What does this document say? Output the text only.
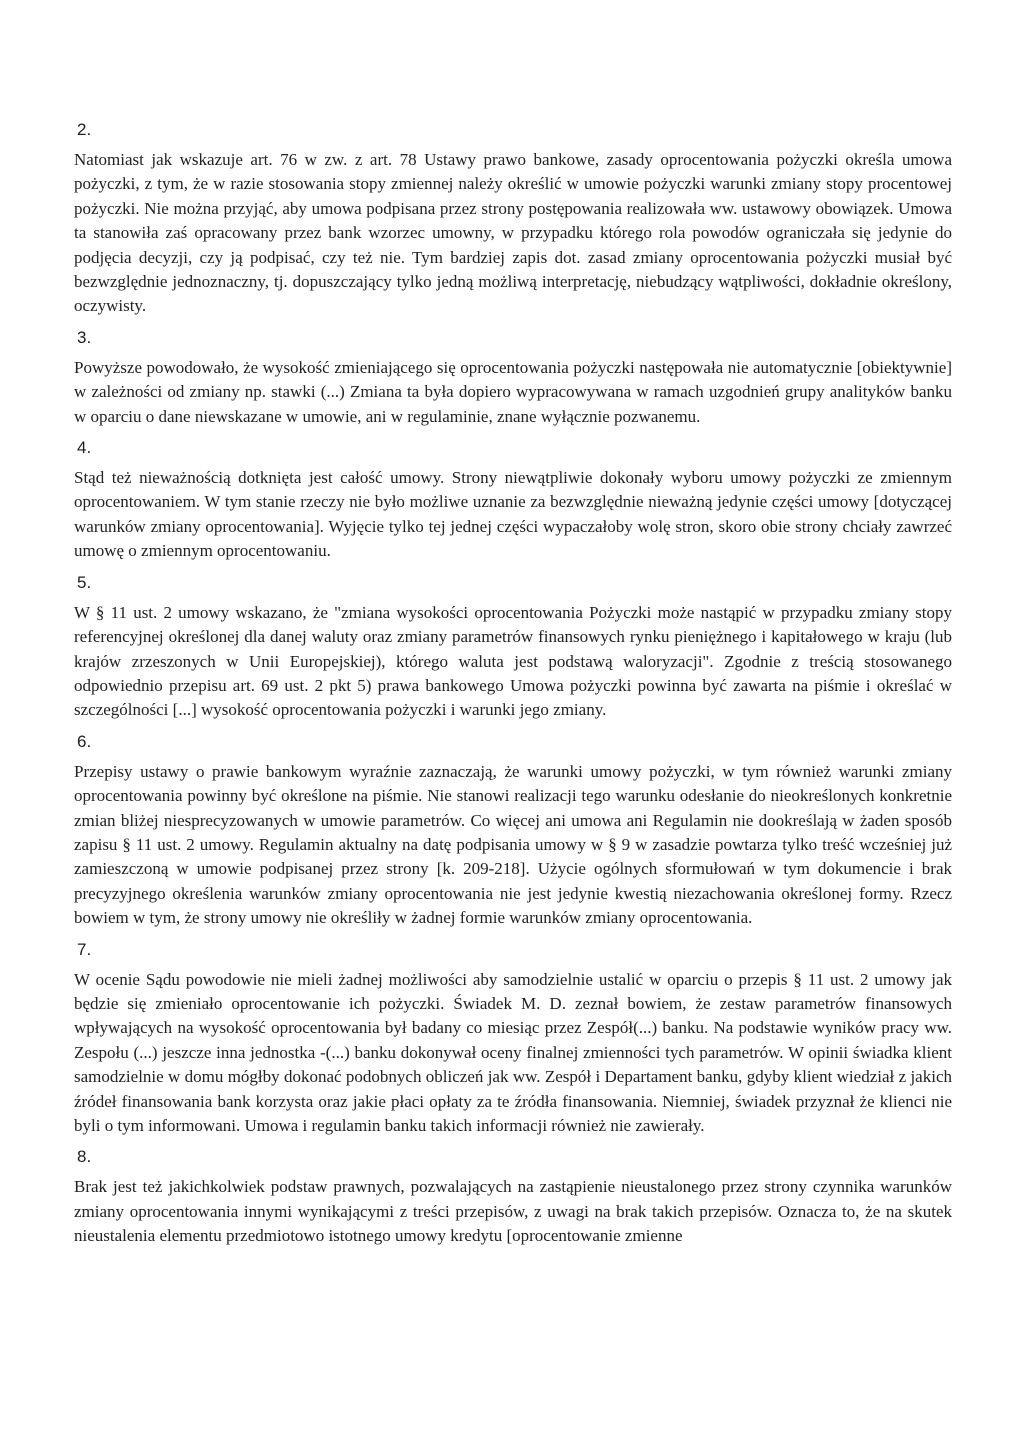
2.

Natomiast jak wskazuje art. 76 w zw. z art. 78 Ustawy prawo bankowe, zasady oprocentowania pożyczki określa umowa pożyczki, z tym, że w razie stosowania stopy zmiennej należy określić w umowie pożyczki warunki zmiany stopy procentowej pożyczki. Nie można przyjąć, aby umowa podpisana przez strony postępowania realizowała ww. ustawowy obowiązek. Umowa ta stanowiła zaś opracowany przez bank wzorzec umowny, w przypadku którego rola powodów ograniczała się jedynie do podjęcia decyzji, czy ją podpisać, czy też nie. Tym bardziej zapis dot. zasad zmiany oprocentowania pożyczki musiał być bezwzględnie jednoznaczny, tj. dopuszczający tylko jedną możliwą interpretację, niebudzący wątpliwości, dokładnie określony, oczywisty.

3.

Powyższe powodowało, że wysokość zmieniającego się oprocentowania pożyczki następowała nie automatycznie [obiektywnie] w zależności od zmiany np. stawki (...) Zmiana ta była dopiero wypracowywana w ramach uzgodnień grupy analityków banku w oparciu o dane niewskazane w umowie, ani w regulaminie, znane wyłącznie pozwanemu.

4.

Stąd też nieważnością dotknięta jest całość umowy. Strony niewątpliwie dokonały wyboru umowy pożyczki ze zmiennym oprocentowaniem. W tym stanie rzeczy nie było możliwe uznanie za bezwzględnie nieważną jedynie części umowy [dotyczącej warunków zmiany oprocentowania]. Wyjęcie tylko tej jednej części wypaczałoby wolę stron, skoro obie strony chciały zawrzeć umowę o zmiennym oprocentowaniu.

5.

W § 11 ust. 2 umowy wskazano, że "zmiana wysokości oprocentowania Pożyczki może nastąpić w przypadku zmiany stopy referencyjnej określonej dla danej waluty oraz zmiany parametrów finansowych rynku pieniężnego i kapitałowego w kraju (lub krajów zrzeszonych w Unii Europejskiej), którego waluta jest podstawą waloryzacji". Zgodnie z treścią stosowanego odpowiednio przepisu art. 69 ust. 2 pkt 5) prawa bankowego Umowa pożyczki powinna być zawarta na piśmie i określać w szczególności [...] wysokość oprocentowania pożyczki i warunki jego zmiany.

6.

Przepisy ustawy o prawie bankowym wyraźnie zaznaczają, że warunki umowy pożyczki, w tym również warunki zmiany oprocentowania powinny być określone na piśmie. Nie stanowi realizacji tego warunku odesłanie do nieokreślonych konkretnie zmian bliżej niesprecyzowanych w umowie parametrów. Co więcej ani umowa ani Regulamin nie dookreślają w żaden sposób zapisu § 11 ust. 2 umowy. Regulamin aktualny na datę podpisania umowy w § 9 w zasadzie powtarza tylko treść wcześniej już zamieszczoną w umowie podpisanej przez strony [k. 209-218]. Użycie ogólnych sformułowań w tym dokumencie i brak precyzyjnego określenia warunków zmiany oprocentowania nie jest jedynie kwestią niezachowania określonej formy. Rzecz bowiem w tym, że strony umowy nie określiły w żadnej formie warunków zmiany oprocentowania.

7.

W ocenie Sądu powodowie nie mieli żadnej możliwości aby samodzielnie ustalić w oparciu o przepis § 11 ust. 2 umowy jak będzie się zmieniało oprocentowanie ich pożyczki. Świadek M. D. zeznał bowiem, że zestaw parametrów finansowych wpływających na wysokość oprocentowania był badany co miesiąc przez Zespół(...) banku. Na podstawie wyników pracy ww. Zespołu (...) jeszcze inna jednostka -(...) banku dokonywał oceny finalnej zmienności tych parametrów. W opinii świadka klient samodzielnie w domu mógłby dokonać podobnych obliczeń jak ww. Zespół i Departament banku, gdyby klient wiedział z jakich źródeł finansowania bank korzysta oraz jakie płaci opłaty za te źródła finansowania. Niemniej, świadek przyznał że klienci nie byli o tym informowani. Umowa i regulamin banku takich informacji również nie zawierały.

8.

Brak jest też jakichkolwiek podstaw prawnych, pozwalających na zastąpienie nieustalonego przez strony czynnika warunków zmiany oprocentowania innymi wynikającymi z treści przepisów, z uwagi na brak takich przepisów. Oznacza to, że na skutek nieustalenia elementu przedmiotowo istotnego umowy kredytu [oprocentowanie zmienne
